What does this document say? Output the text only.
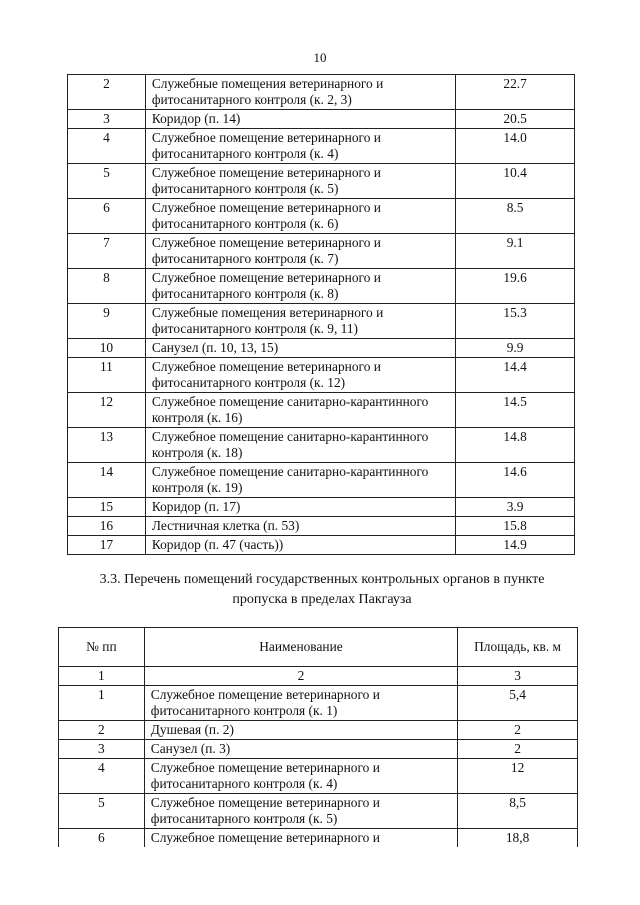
10
2	Служебные помещения ветеринарного и фитосанитарного контроля (к. 2, 3)	22.7
3	Коридор (п. 14)	20.5
4	Служебное помещение ветеринарного и фитосанитарного контроля (к. 4)	14.0
5	Служебное помещение ветеринарного и фитосанитарного контроля (к. 5)	10.4
6	Служебное помещение ветеринарного и фитосанитарного контроля (к. 6)	8.5
7	Служебное помещение ветеринарного и фитосанитарного контроля (к. 7)	9.1
8	Служебное помещение ветеринарного и фитосанитарного контроля (к. 8)	19.6
9	Служебные помещения ветеринарного и фитосанитарного контроля (к. 9, 11)	15.3
10	Санузел (п. 10, 13, 15)	9.9
11	Служебное помещение ветеринарного и фитосанитарного контроля (к. 12)	14.4
12	Служебное помещение санитарно-карантинного контроля (к. 16)	14.5
13	Служебное помещение санитарно-карантинного контроля (к. 18)	14.8
14	Служебное помещение санитарно-карантинного контроля (к. 19)	14.6
15	Коридор (п. 17)	3.9
16	Лестничная клетка (п. 53)	15.8
17	Коридор (п. 47 (часть))	14.9
3.3. Перечень помещений государственных контрольных органов в пункте пропуска в пределах Пакгауза
№ пп	Наименование	Площадь, кв. м
1	2	3
1	Служебное помещение ветеринарного и фитосанитарного контроля (к. 1)	5,4
2	Душевая (п. 2)	2
3	Санузел (п. 3)	2
4	Служебное помещение ветеринарного и фитосанитарного контроля (к. 4)	12
5	Служебное помещение ветеринарного и фитосанитарного контроля (к. 5)	8,5
6	Служебное помещение ветеринарного и	18,8
